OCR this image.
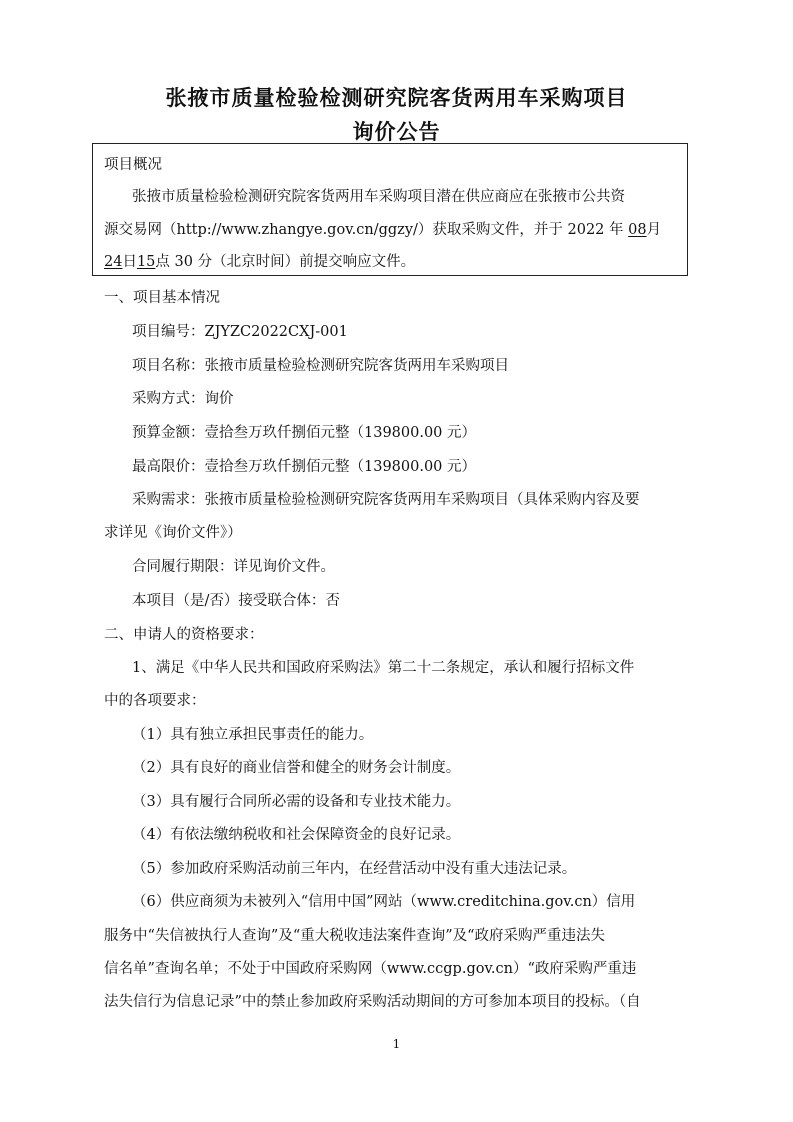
张掖市质量检验检测研究院客货两用车采购项目
询价公告
项目概况
张掖市质量检验检测研究院客货两用车采购项目潜在供应商应在张掖市公共资
源交易网（http://www.zhangye.gov.cn/ggzy/）获取采购文件，并于 2022 年 08月
24日15点 30 分（北京时间）前提交响应文件。
一、项目基本情况
项目编号：ZJYZC2022CXJ-001
项目名称：张掖市质量检验检测研究院客货两用车采购项目
采购方式：询价
预算金额：壹拾叁万玖仟捌佰元整（139800.00 元）
最高限价：壹拾叁万玖仟捌佰元整（139800.00 元）
采购需求：张掖市质量检验检测研究院客货两用车采购项目（具体采购内容及要
求详见《询价文件》）
合同履行期限：详见询价文件。
本项目（是/否）接受联合体：否
二、申请人的资格要求：
1、满足《中华人民共和国政府采购法》第二十二条规定，承认和履行招标文件
中的各项要求：
（1）具有独立承担民事责任的能力。
（2）具有良好的商业信誉和健全的财务会计制度。
（3）具有履行合同所必需的设备和专业技术能力。
（4）有依法缴纳税收和社会保障资金的良好记录。
（5）参加政府采购活动前三年内，在经营活动中没有重大违法记录。
（6）供应商须为未被列入“信用中国”网站（www.creditchina.gov.cn）信用
服务中“失信被执行人查询”及“重大税收违法案件查询”及“政府采购严重违法失
信名单”查询名单；不处于中国政府采购网（www.ccgp.gov.cn）“政府采购严重违
法失信行为信息记录”中的禁止参加政府采购活动期间的方可参加本项目的投标。（自
1
